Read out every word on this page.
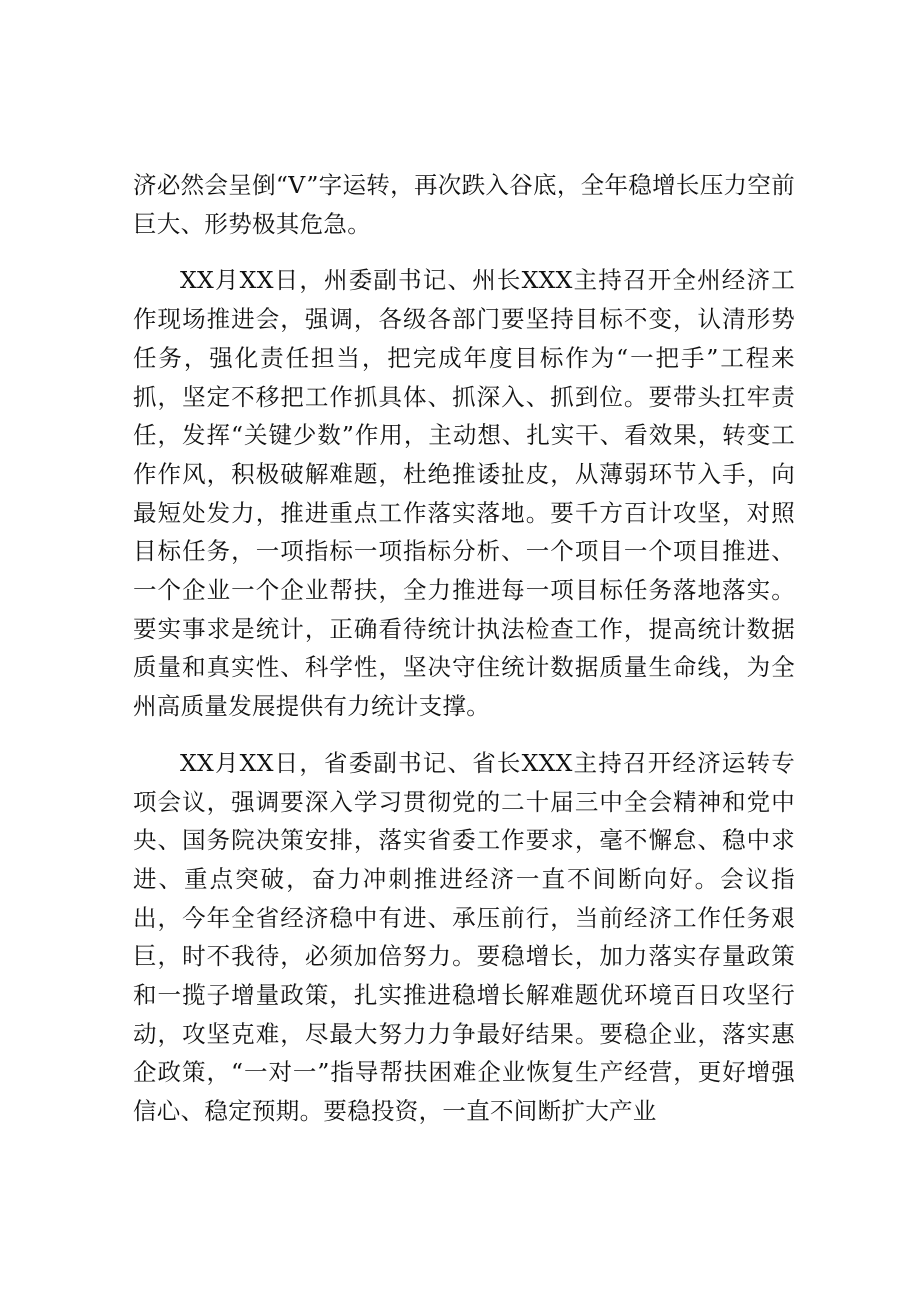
济必然会呈倒“V”字运转，再次跌入谷底，全年稳增长压力空前巨大、形势极其危急。

XX月XX日，州委副书记、州长XXX主持召开全州经济工作现场推进会，强调，各级各部门要坚持目标不变，认清形势任务，强化责任担当，把完成年度目标作为“一把手”工程来抓，坚定不移把工作抓具体、抓深入、抓到位。要带头扛牢责任，发挥“关键少数”作用，主动想、扎实干、看效果，转变工作作风，积极破解难题，杜绝推诿扯皮，从薄弱环节入手，向最短处发力，推进重点工作落实落地。要千方百计攻坚，对照目标任务，一项指标一项指标分析、一个项目一个项目推进、一个企业一个企业帮扶，全力推进每一项目标任务落地落实。要实事求是统计，正确看待统计执法检查工作，提高统计数据质量和真实性、科学性，坚决守住统计数据质量生命线，为全州高质量发展提供有力统计支撑。

XX月XX日，省委副书记、省长XXX主持召开经济运转专项会议，强调要深入学习贯彻党的二十届三中全会精神和党中央、国务院决策安排，落实省委工作要求，毫不懈怠、稳中求进、重点突破，奋力冲刺推进经济一直不间断向好。会议指出，今年全省经济稳中有进、承压前行，当前经济工作任务艰巨，时不我待，必须加倍努力。要稳增长，加力落实存量政策和一揽子增量政策，扎实推进稳增长解难题优环境百日攻坚行动，攻坚克难，尽最大努力力争最好结果。要稳企业，落实惠企政策，“一对一”指导帮扶困难企业恢复生产经营，更好增强信心、稳定预期。要稳投资，一直不间断扩大产业
